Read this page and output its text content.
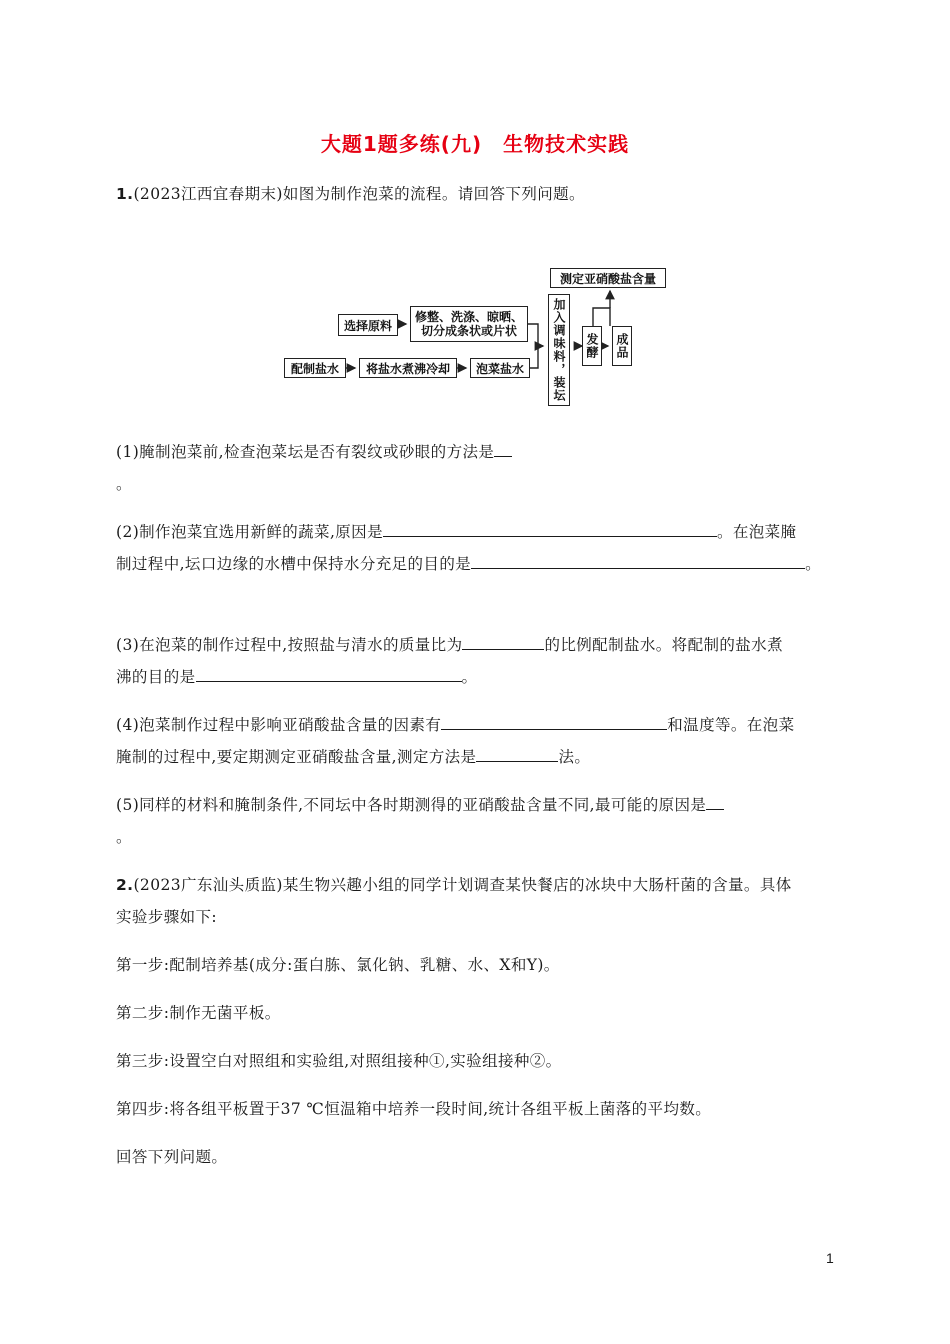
大题1题多练(九)　生物技术实践
1.(2023江西宜春期末)如图为制作泡菜的流程。请回答下列问题。
选择原料
修整、洗涤、晾晒、
切分成条状或片状
配制盐水	将盐水煮沸冷却	泡菜盐水	加入调味料，装坛
测定亚硝酸盐含量
发酵 成品
(1)腌制泡菜前,检查泡菜坛是否有裂纹或砂眼的方法是
。
(2)制作泡菜宜选用新鲜的蔬菜,原因是	。在泡菜腌
制过程中,坛口边缘的水槽中保持水分充足的目的是	。
(3)在泡菜的制作过程中,按照盐与清水的质量比为	的比例配制盐水。将配制的盐水煮
沸的目的是	。
(4)泡菜制作过程中影响亚硝酸盐含量的因素有	和温度等。在泡菜
腌制的过程中,要定期测定亚硝酸盐含量,测定方法是	法。
(5)同样的材料和腌制条件,不同坛中各时期测得的亚硝酸盐含量不同,最可能的原因是
。
2.(2023广东汕头质监)某生物兴趣小组的同学计划调查某快餐店的冰块中大肠杆菌的含量。具体
实验步骤如下:
第一步:配制培养基(成分:蛋白胨、氯化钠、乳糖、水、X和Y)。
第二步:制作无菌平板。
第三步:设置空白对照组和实验组,对照组接种①,实验组接种②。
第四步:将各组平板置于37 ℃恒温箱中培养一段时间,统计各组平板上菌落的平均数。
回答下列问题。
1
